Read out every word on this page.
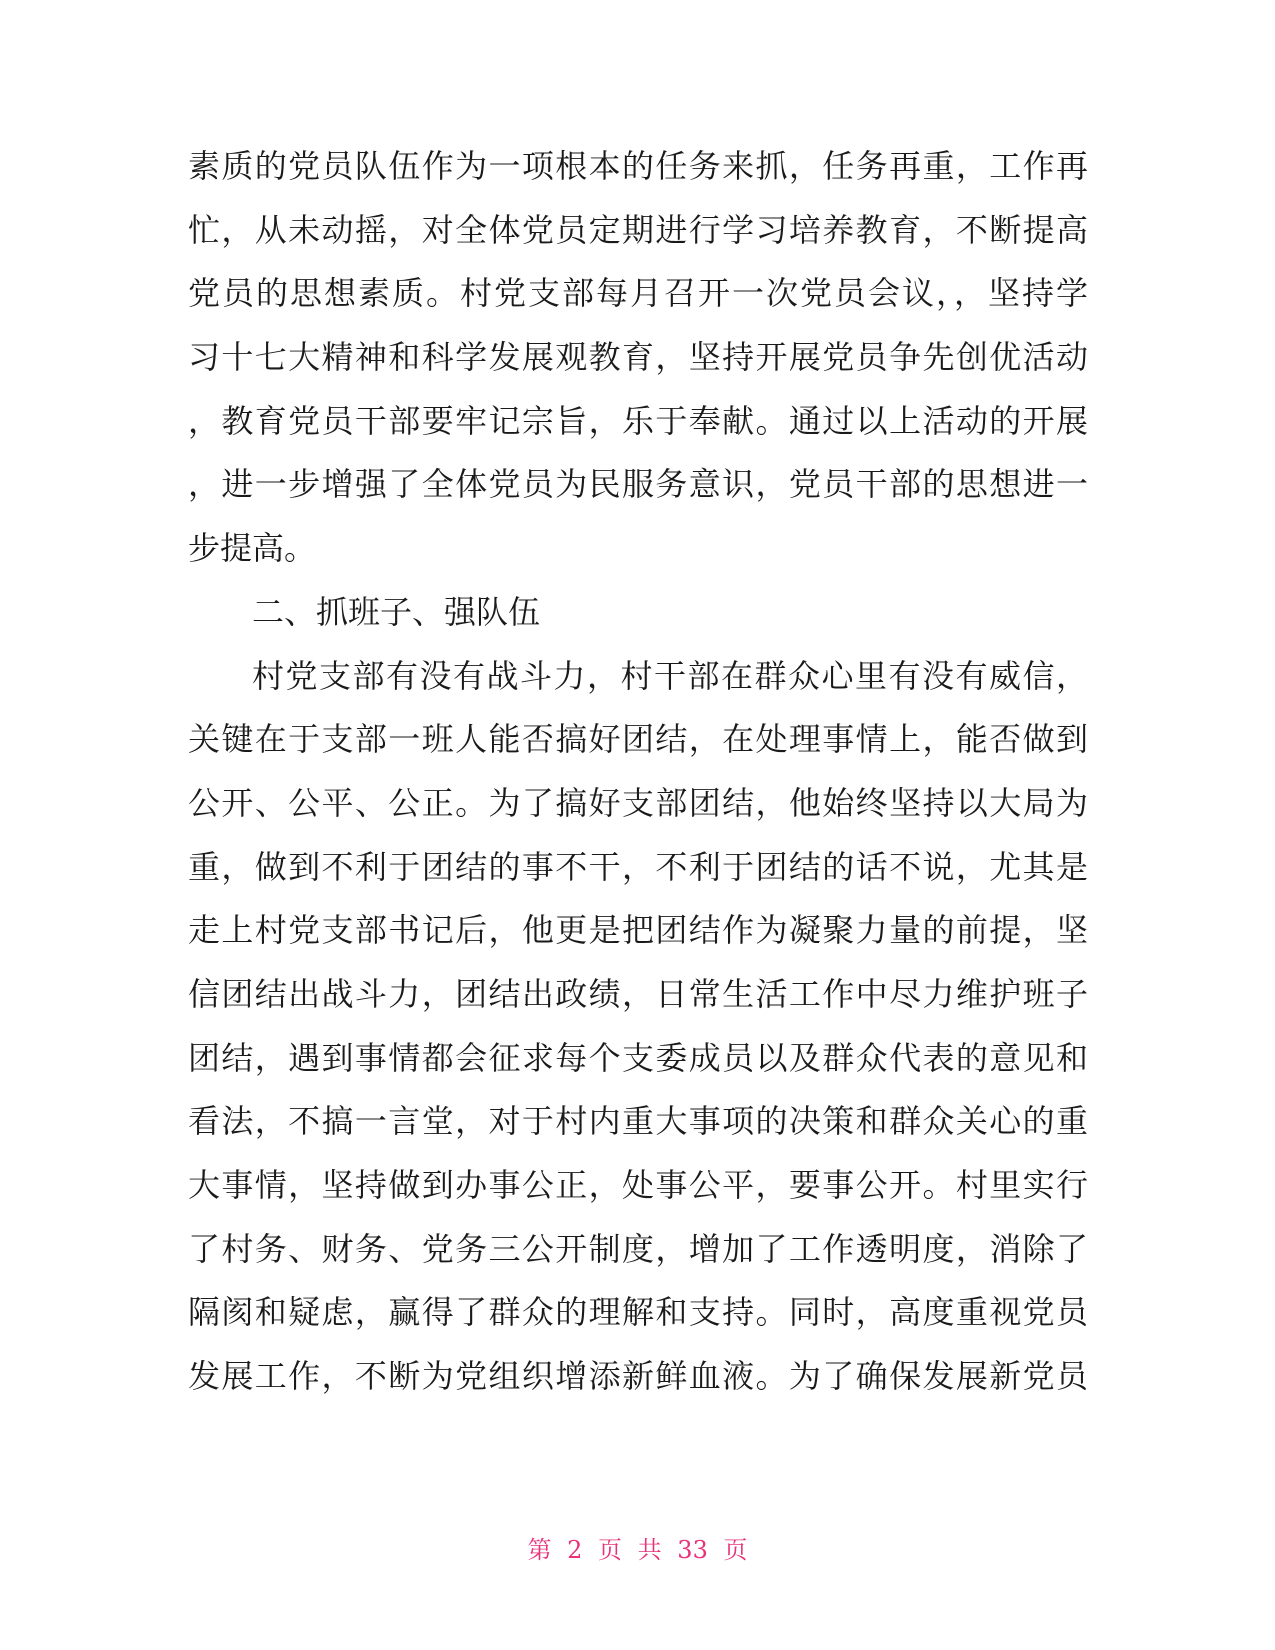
素质的党员队伍作为一项根本的任务来抓，任务再重，工作再
忙，从未动摇，对全体党员定期进行学习培养教育，不断提高
党员的思想素质。村党支部每月召开一次党员会议，，坚持学
习十七大精神和科学发展观教育，坚持开展党员争先创优活动
，教育党员干部要牢记宗旨，乐于奉献。通过以上活动的开展
，进一步增强了全体党员为民服务意识，党员干部的思想进一
步提高。
二、抓班子、强队伍
村党支部有没有战斗力，村干部在群众心里有没有威信，
关键在于支部一班人能否搞好团结，在处理事情上，能否做到
公开、公平、公正。为了搞好支部团结，他始终坚持以大局为
重，做到不利于团结的事不干，不利于团结的话不说，尤其是
走上村党支部书记后，他更是把团结作为凝聚力量的前提，坚
信团结出战斗力，团结出政绩，日常生活工作中尽力维护班子
团结，遇到事情都会征求每个支委成员以及群众代表的意见和
看法，不搞一言堂，对于村内重大事项的决策和群众关心的重
大事情，坚持做到办事公正，处事公平，要事公开。村里实行
了村务、财务、党务三公开制度，增加了工作透明度，消除了
隔阂和疑虑，赢得了群众的理解和支持。同时，高度重视党员
发展工作，不断为党组织增添新鲜血液。为了确保发展新党员
第 2 页 共 33 页
